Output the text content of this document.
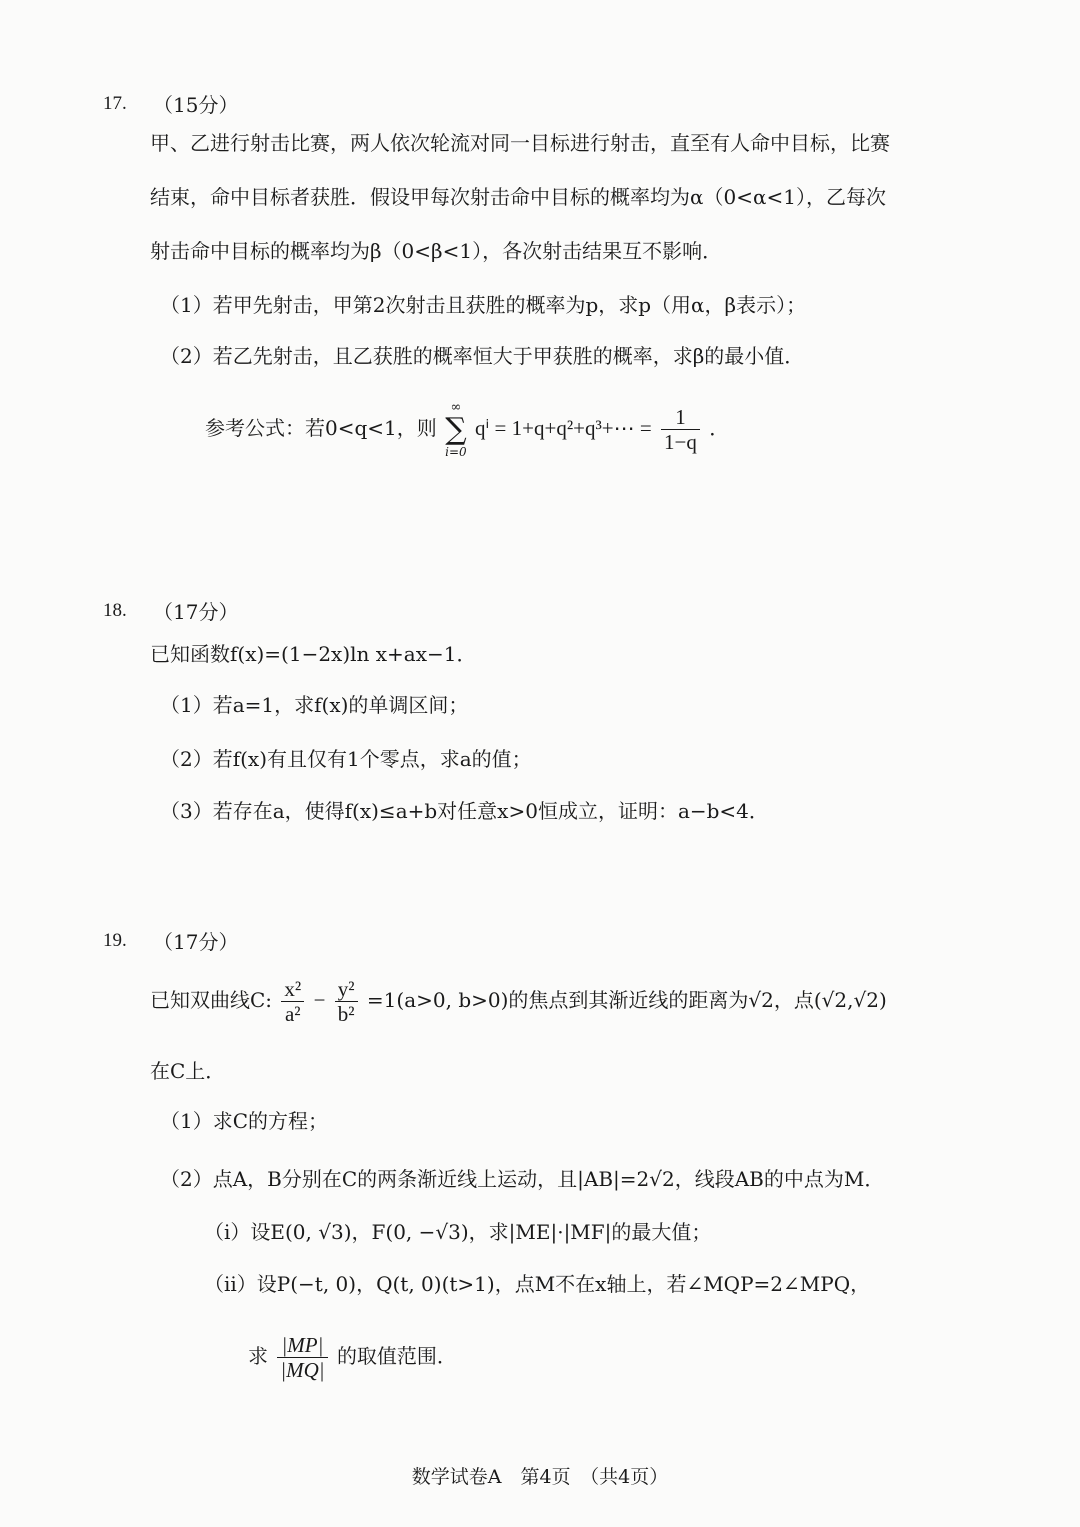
17. （15分）
甲、乙进行射击比赛，两人依次轮流对同一目标进行射击，直至有人命中目标，比赛
结束，命中目标者获胜．假设甲每次射击命中目标的概率均为α（0<α<1），乙每次
射击命中目标的概率均为β（0<β<1），各次射击结果互不影响．
（1）若甲先射击，甲第2次射击且获胜的概率为p，求p（用α，β表示）；
（2）若乙先射击，且乙获胜的概率恒大于甲获胜的概率，求β的最小值．
参考公式：若0<q<1，则
∞
∑
i=0
qⁱ = 1+q+q²+q³+⋯ = $\frac{1}{1-q}$ ．
18. （17分）
已知函数f(x)=(1−2x)ln x+ax−1．
（1）若a=1，求f(x)的单调区间；
（2）若f(x)有且仅有1个零点，求a的值；
（3）若存在a，使得f(x)≤a+b对任意x>0恒成立，证明：a−b<4．
19. （17分）
已知双曲线C: $\frac{\text{x²}}{\text{a²}} - \frac{\text{y²}}{\text{b²}} =1(a>0$, b>0)的焦点到其渐近线的距离为√2，点(√2,√2)
在C上．
（1）求C的方程；
（2）点A，B分别在C的两条渐近线上运动，且|AB|=2√2，线段AB的中点为M．
（i）设E(0, √3)，F(0, −√3)，求|ME|·|MF|的最大值；
（ii）设P(−t, 0)，Q(t, 0)(t>1)，点M不在x轴上，若∠MQP=2∠MPQ，
求 $\frac{|MP|}{|MQ|}$ 的取值范围．
数学试卷A　第4页　（共4页）
